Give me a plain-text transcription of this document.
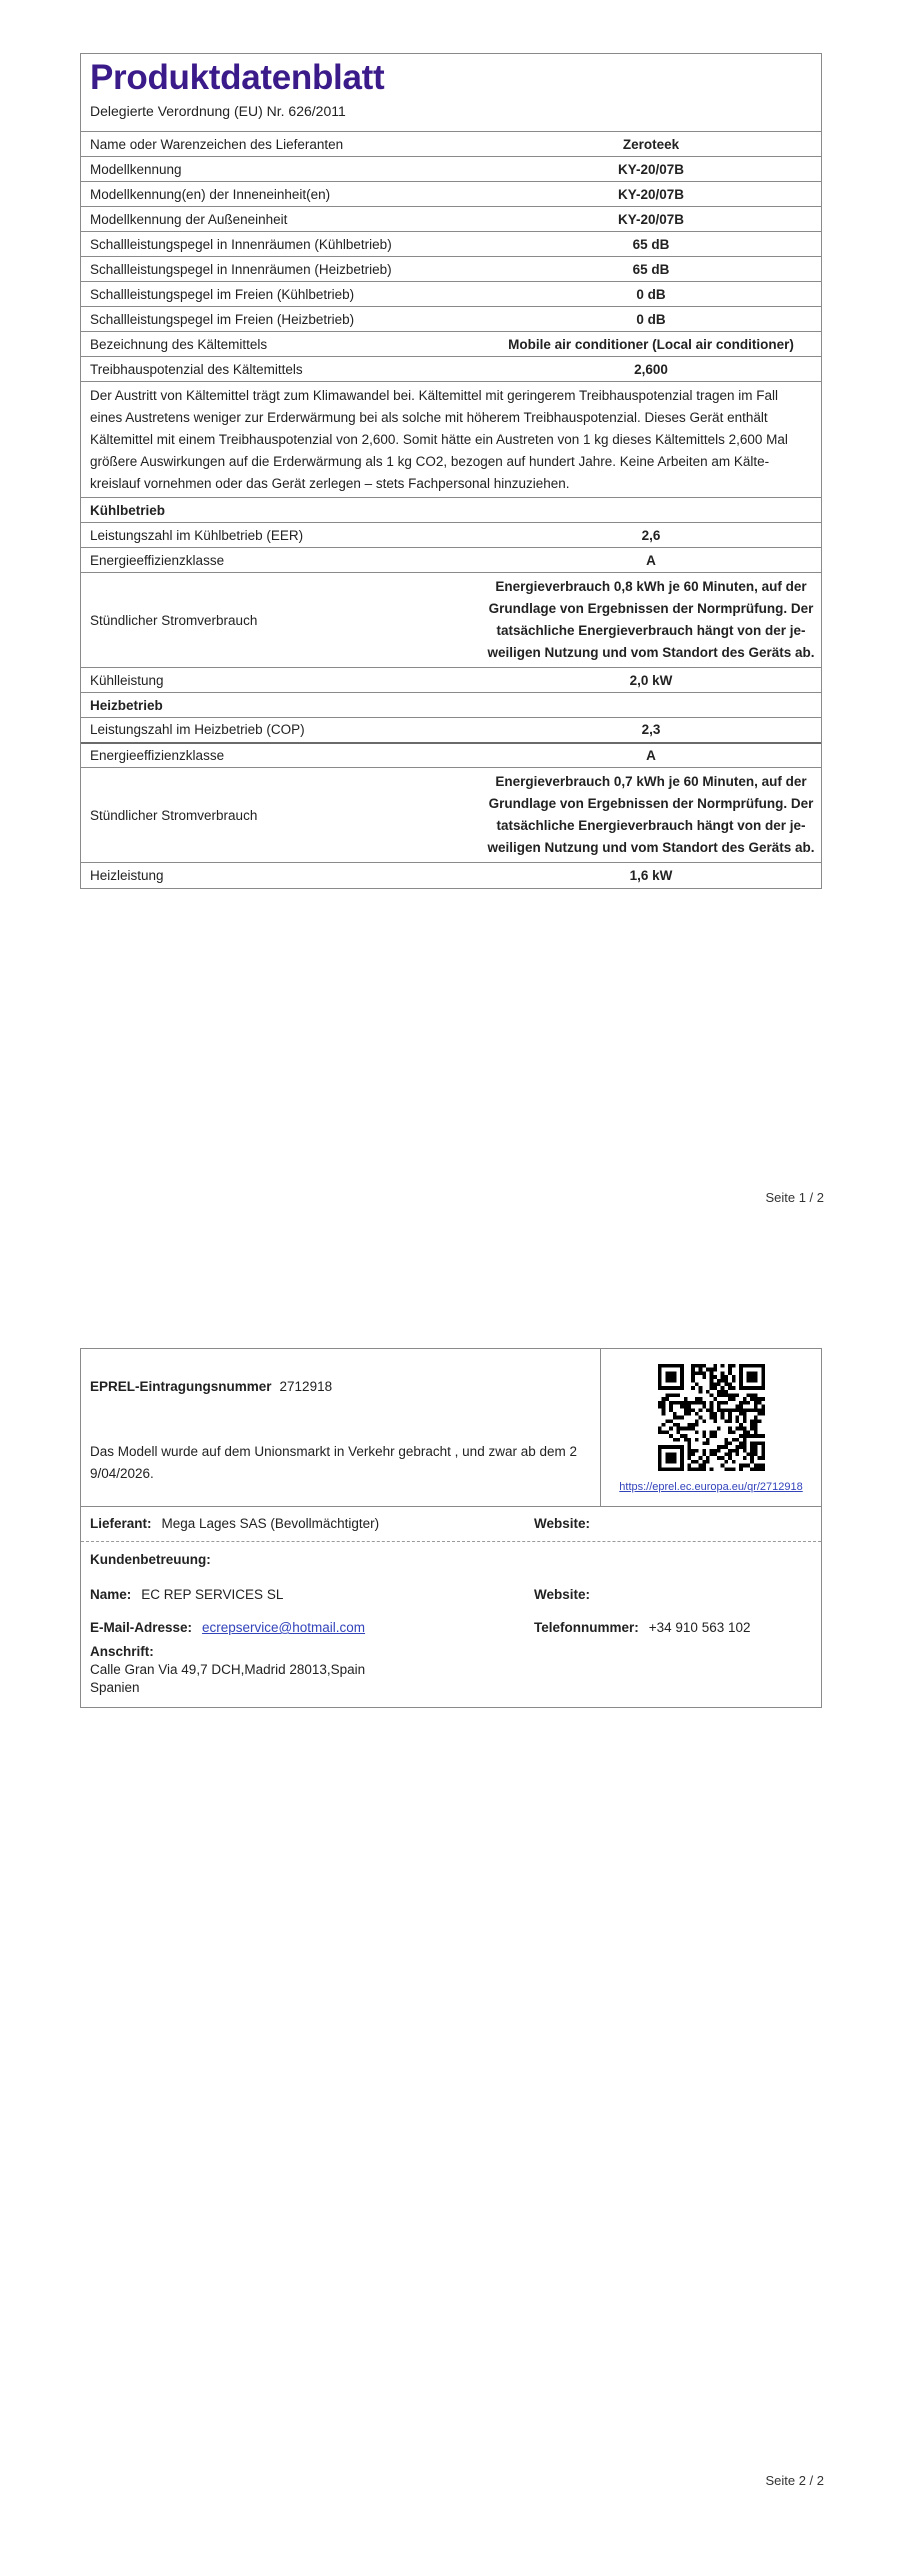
Produktdatenblatt
Delegierte Verordnung (EU) Nr. 626/2011
Name oder Warenzeichen des Lieferanten	Zeroteek
Modellkennung	KY-20/07B
Modellkennung(en) der Inneneinheit(en)	KY-20/07B
Modellkennung der Außeneinheit	KY-20/07B
Schallleistungspegel in Innenräumen (Kühlbetrieb)	65 dB
Schallleistungspegel in Innenräumen (Heizbetrieb)	65 dB
Schallleistungspegel im Freien (Kühlbetrieb)	0 dB
Schallleistungspegel im Freien (Heizbetrieb)	0 dB
Bezeichnung des Kältemittels	Mobile air conditioner (Local air conditioner)
Treibhauspotenzial des Kältemittels	2,600
Der Austritt von Kältemittel trägt zum Klimawandel bei. Kältemittel mit geringerem Treibhauspotenzial tragen im Fall eines Austretens weniger zur Erderwärmung bei als solche mit höherem Treibhauspotenzial. Dieses Gerät enthält Kältemittel mit einem Treibhauspotenzial von 2,600. Somit hätte ein Austreten von 1 kg dieses Kältemittels 2,600 Mal größere Auswirkungen auf die Erderwärmung als 1 kg CO2, bezogen auf hundert Jahre. Keine Arbeiten am Kälte-kreislauf vornehmen oder das Gerät zerlegen – stets Fachpersonal hinzuziehen.	
Kühlbetrieb	
Leistungszahl im Kühlbetrieb (EER)	2,6
Energieeffizienzklasse	A
Stündlicher Stromverbrauch	Energieverbrauch 0,8 kWh je 60 Minuten, auf der Grundlage von Ergebnissen der Normprüfung. Der tatsächliche Energieverbrauch hängt von der je-weiligen Nutzung und vom Standort des Geräts ab.
Kühlleistung	2,0 kW
Heizbetrieb	
Leistungszahl im Heizbetrieb (COP)	2,3
Energieeffizienzklasse	A
Stündlicher Stromverbrauch	Energieverbrauch 0,7 kWh je 60 Minuten, auf der Grundlage von Ergebnissen der Normprüfung. Der tatsächliche Energieverbrauch hängt von der je-weiligen Nutzung und vom Standort des Geräts ab.
Heizleistung	1,6 kW
Seite 1 / 2
EPREL-Eintragungsnummer 2712918
Das Modell wurde auf dem Unionsmarkt in Verkehr gebracht , und zwar ab dem 2 9/04/2026.
https://eprel.ec.europa.eu/qr/2712918
Lieferant: Mega Lages SAS (Bevollmächtigter)	Website:
Kundenbetreuung:
Name: EC REP SERVICES SL	Website:
E-Mail-Adresse: ecrepservice@hotmail.com	Telefonnummer: +34 910 563 102
Anschrift:
Calle Gran Via 49,7 DCH,Madrid 28013,Spain
Spanien
Seite 2 / 2
